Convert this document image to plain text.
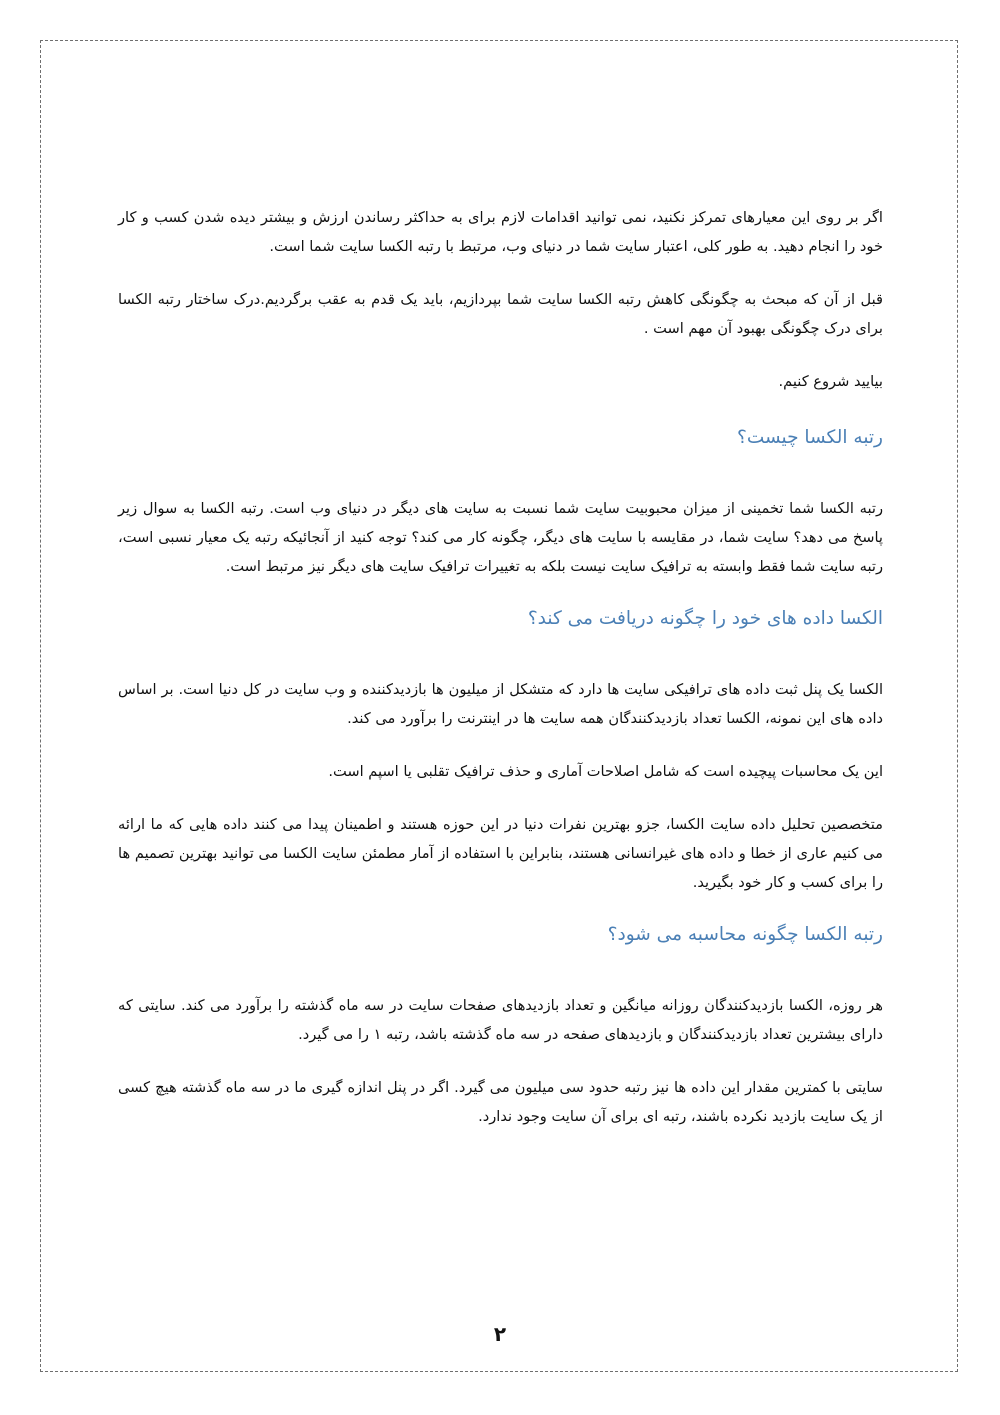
اگر بر روی این معیارهای تمرکز نکنید، نمی توانید اقدامات لازم برای به حداکثر رساندن ارزش و بیشتر دیده شدن کسب و کار خود را انجام دهید. به طور کلی، اعتبار سایت شما در دنیای وب، مرتبط با رتبه الکسا سایت شما است.

قبل از آن که مبحث به چگونگی کاهش رتبه الکسا سایت شما بپردازیم، باید یک قدم به عقب برگردیم.‌درک ساختار رتبه الکسا برای درک چگونگی بهبود آن مهم است .

بیایید شروع کنیم.

رتبه الکسا چیست؟

رتبه الکسا شما تخمینی از میزان محبوبیت سایت شما نسبت به سایت های دیگر در دنیای وب است. رتبه الکسا به سوال زیر پاسخ می دهد؟ سایت شما، در مقایسه با سایت های دیگر، چگونه کار می کند؟ توجه کنید از آنجائیکه رتبه یک معیار نسبی است، رتبه سایت شما فقط وابسته به ترافیک سایت نیست بلکه به تغییرات ترافیک سایت های دیگر نیز مرتبط است.

الکسا داده های خود را چگونه دریافت می کند؟

الکسا یک پنل ثبت داده های ترافیکی سایت ها دارد که متشکل از میلیون ها بازدیدکننده و وب سایت در کل دنیا است. بر اساس داده های این نمونه، الکسا تعداد بازدیدکنندگان همه سایت ها در اینترنت را برآورد می کند.

این یک محاسبات پیچیده است که شامل اصلاحات آماری و حذف ترافیک تقلبی یا اسپم است.

متخصصین تحلیل داده سایت الکسا، جزو بهترین نفرات دنیا در این حوزه هستند و اطمینان پیدا می کنند داده هایی که ما ارائه می کنیم عاری از خطا و داده های غیرانسانی هستند، بنابراین با استفاده از آمار مطمئن سایت الکسا می توانید بهترین تصمیم ها را برای کسب و کار خود بگیرید.

رتبه الکسا چگونه محاسبه می شود؟

هر روزه، الکسا بازدیدکنندگان روزانه میانگین و تعداد بازدیدهای صفحات سایت در سه ماه گذشته را برآورد می کند. سایتی که دارای بیشترین تعداد بازدیدکنندگان و بازدیدهای صفحه در سه ماه گذشته باشد، رتبه ۱ را می گیرد.

سایتی با کمترین مقدار این داده ها نیز رتبه حدود سی میلیون می گیرد. اگر در پنل اندازه گیری ما در سه ماه گذشته هیچ کسی از یک سایت بازدید نکرده باشند، رتبه ای برای آن سایت وجود ندارد.

۲
